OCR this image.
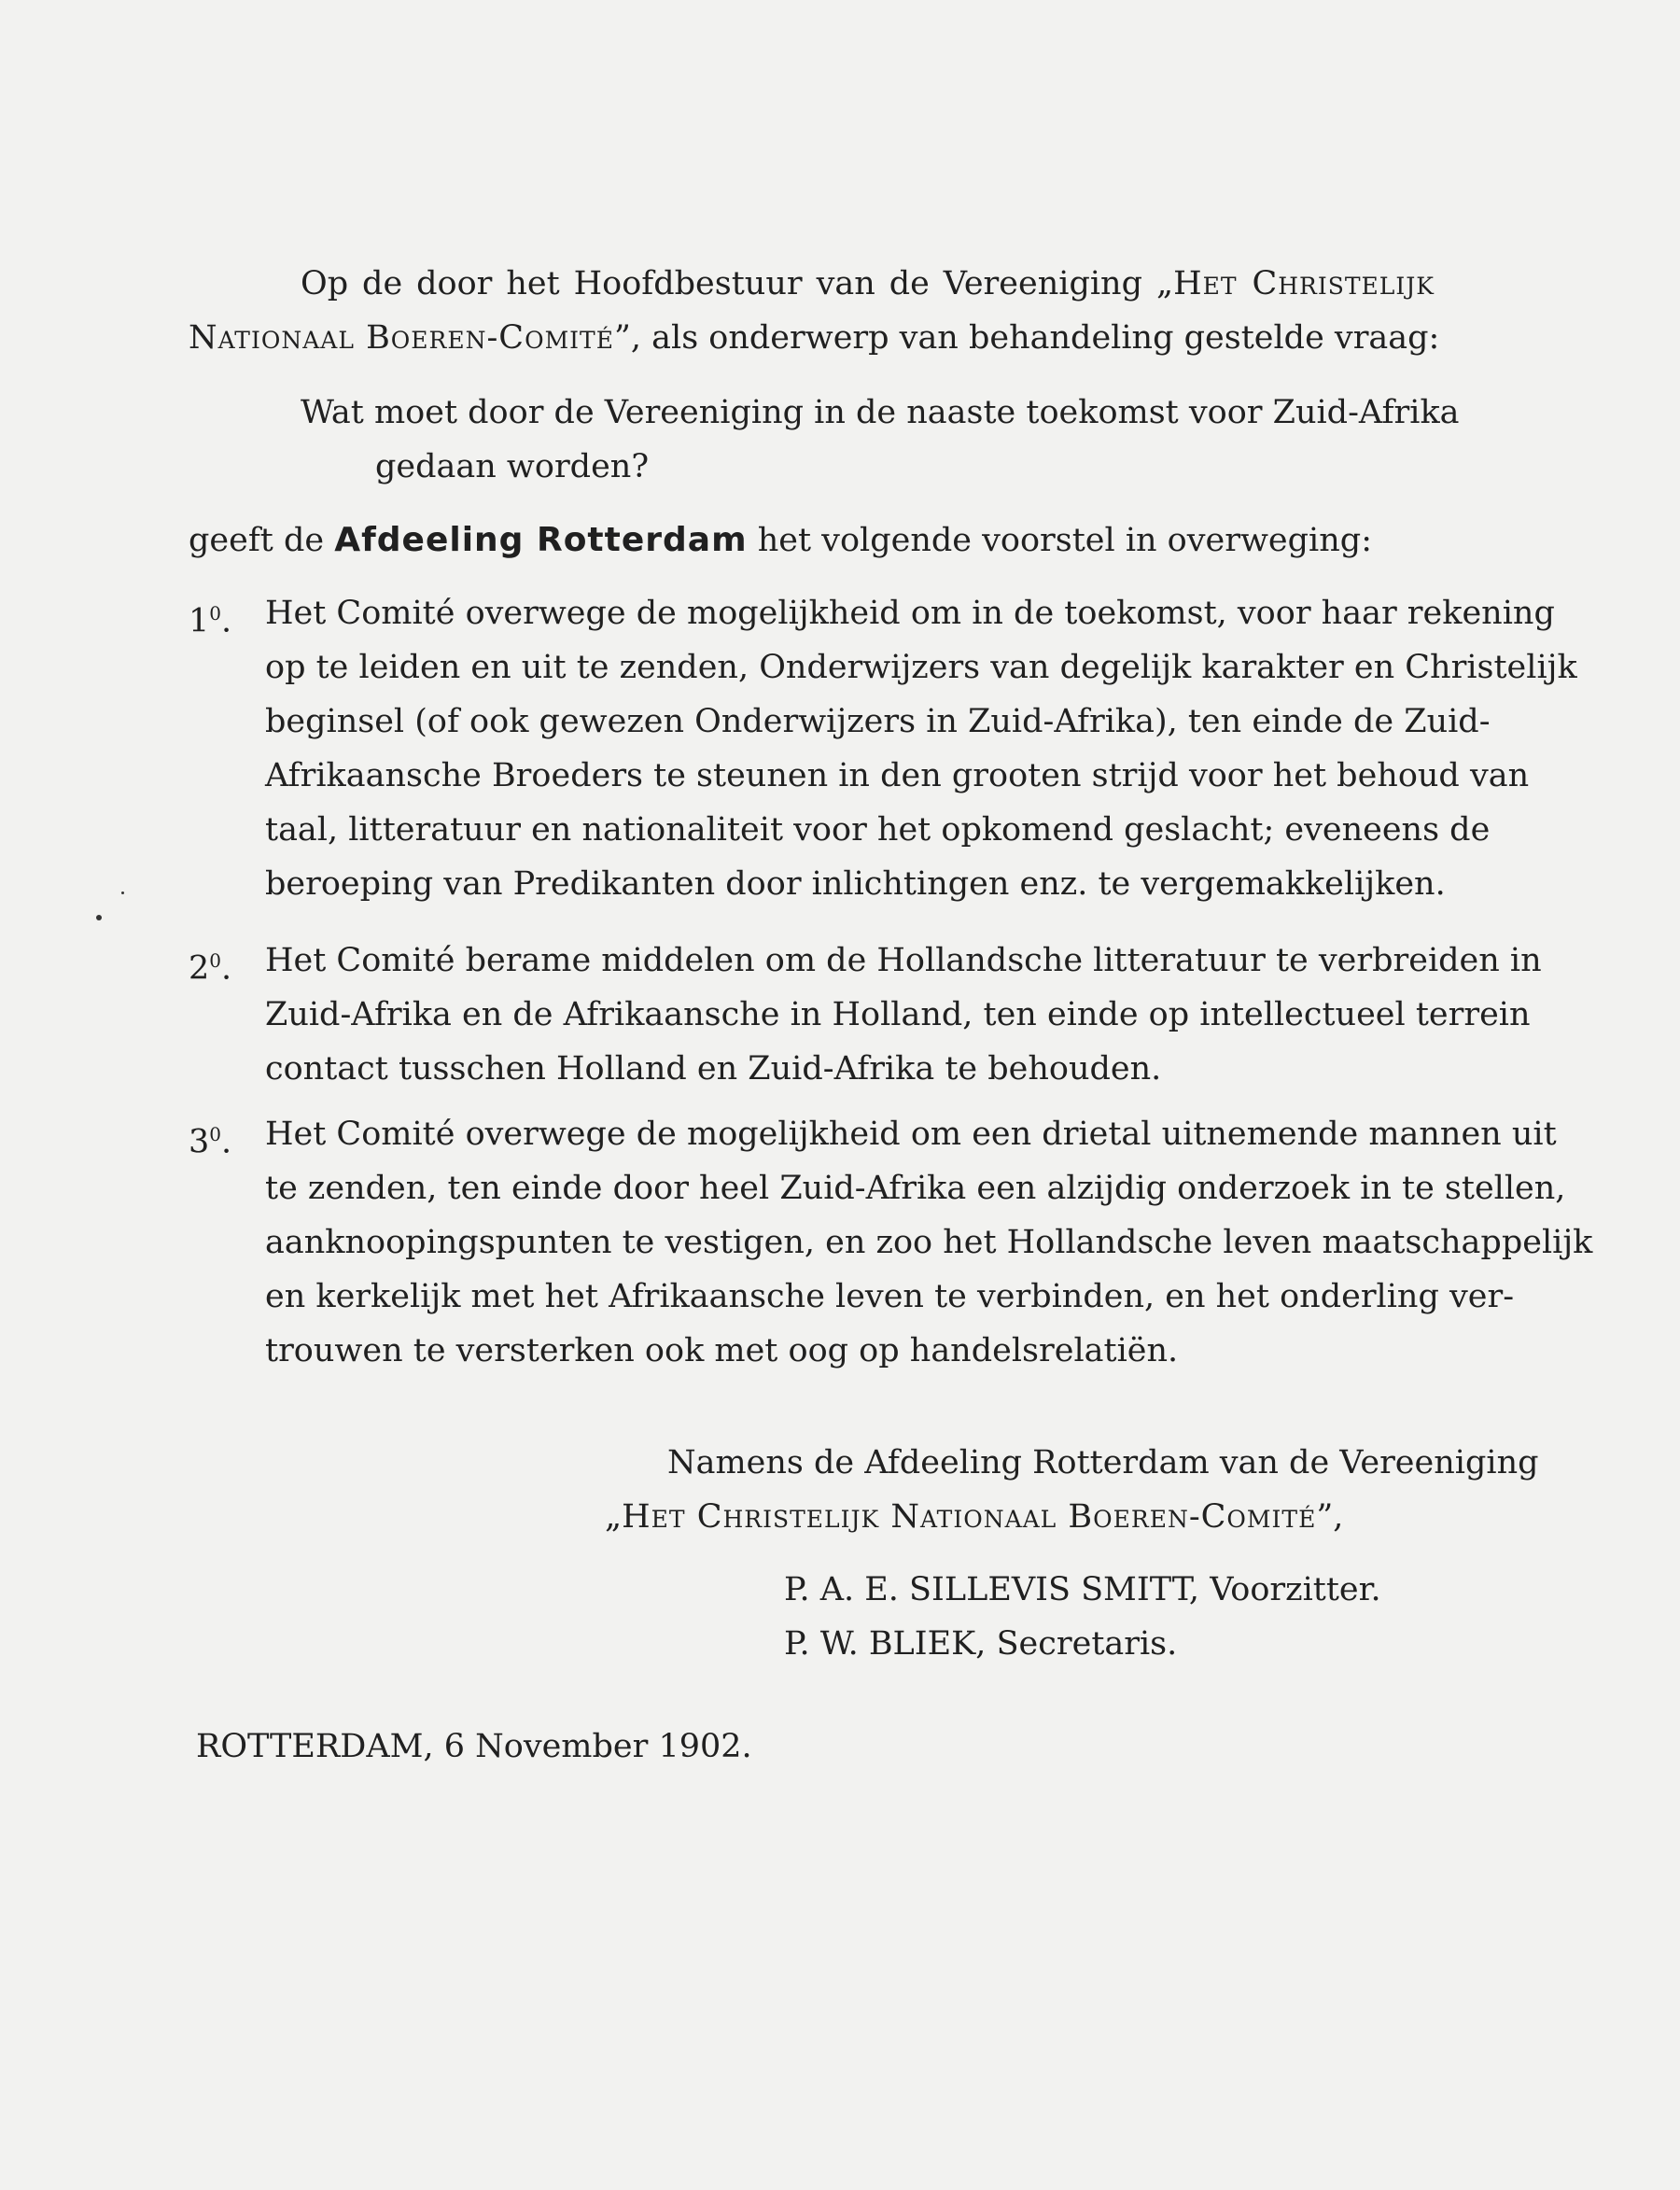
Op de door het Hoofdbestuur van de Vereeniging „Het Christelijk
Nationaal Boeren-Comité”, als onderwerp van behandeling gestelde vraag:
Wat moet door de Vereeniging in de naaste toekomst voor Zuid-Afrika
gedaan worden?
geeft de Afdeeling Rotterdam het volgende voorstel in overweging:
$1^0$. Het Comité overwege de mogelijkheid om in de toekomst, voor haar rekening
op te leiden en uit te zenden, Onderwijzers van degelijk karakter en Christelijk
beginsel (of ook gewezen Onderwijzers in Zuid-Afrika), ten einde de Zuid-
Afrikaansche Broeders te steunen in den grooten strijd voor het behoud van
taal, litteratuur en nationaliteit voor het opkomend geslacht; eveneens de
beroeping van Predikanten door inlichtingen enz. te vergemakkelijken.
$2^0$. Het Comité berame middelen om de Hollandsche litteratuur te verbreiden in
Zuid-Afrika en de Afrikaansche in Holland, ten einde op intellectueel terrein
contact tusschen Holland en Zuid-Afrika te behouden.
$3^0$. Het Comité overwege de mogelijkheid om een drietal uitnemende mannen uit
te zenden, ten einde door heel Zuid-Afrika een alzijdig onderzoek in te stellen,
aanknoopingspunten te vestigen, en zoo het Hollandsche leven maatschappelijk
en kerkelijk met het Afrikaansche leven te verbinden, en het onderling ver-
trouwen te versterken ook met oog op handelsrelatiën.
Namens de Afdeeling Rotterdam van de Vereeniging
„Het Christelijk Nationaal Boeren-Comité”,
P. A. E. SILLEVIS SMITT, Voorzitter.
P. W. BLIEK, Secretaris.
ROTTERDAM, 6 November 1902.
